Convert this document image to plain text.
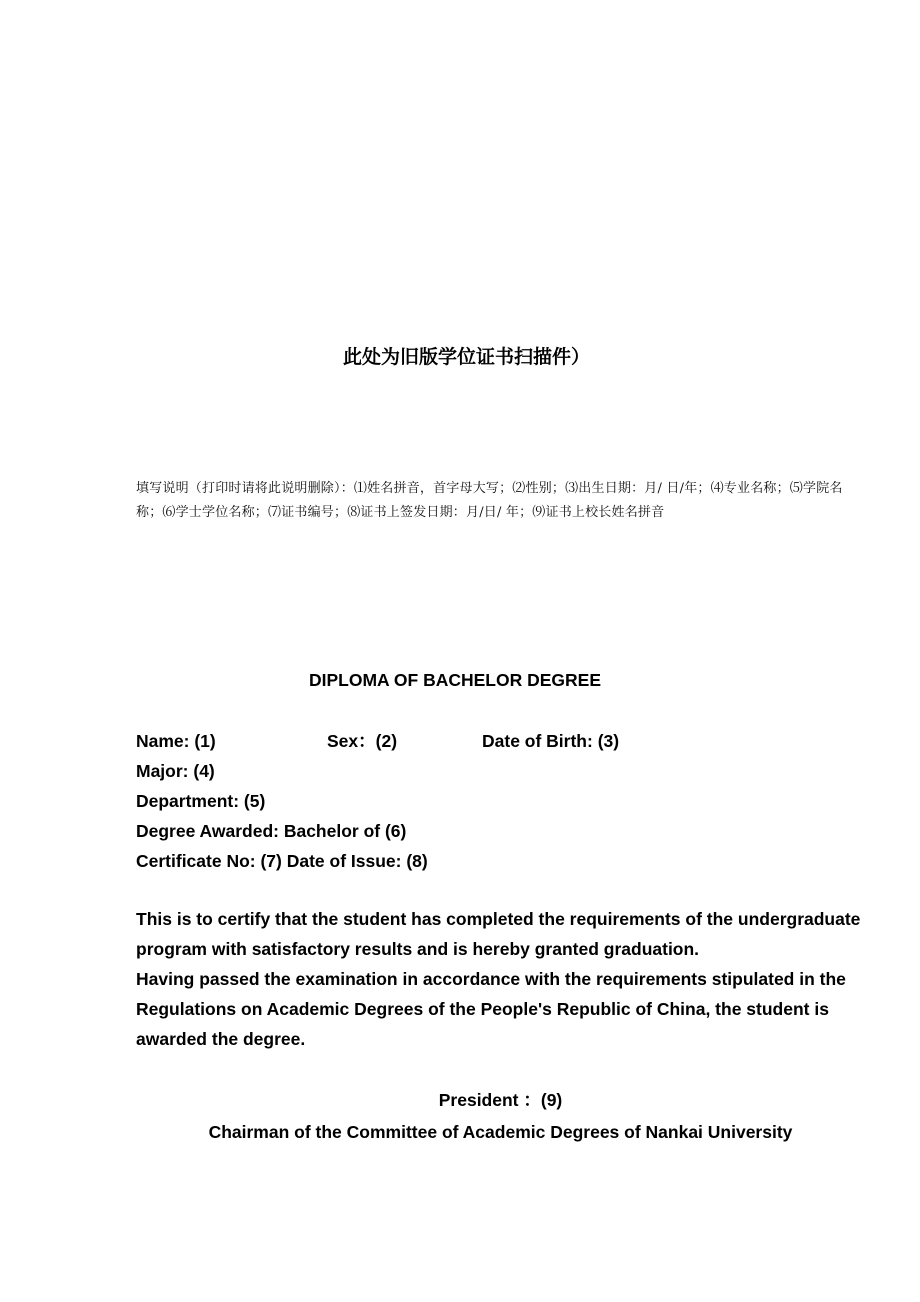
此处为旧版学位证书扫描件）
填写说明（打印时请将此说明删除）：⑴姓名拼音，首字母大写；⑵性别；⑶出生日期：月/ 日/年；⑷专业名称；⑸学院名称；⑹学士学位名称；⑺证书编号；⑻证书上签发日期：月/日/ 年；⑼证书上校长姓名拼音
DIPLOMA OF BACHELOR DEGREE
Name: (1)	Sex：(2)	Date of Birth: (3)
Major: (4)
Department: (5)
Degree Awarded: Bachelor of (6)
Certificate No: (7) Date of Issue: (8)

This is to certify that the student has completed the requirements of the undergraduate program with satisfactory results and is hereby granted graduation.

Having passed the examination in accordance with the requirements stipulated in the Regulations on Academic Degrees of the People's Republic of China, the student is awarded the degree.

President ：(9)
Chairman of the Committee of Academic Degrees of Nankai University
